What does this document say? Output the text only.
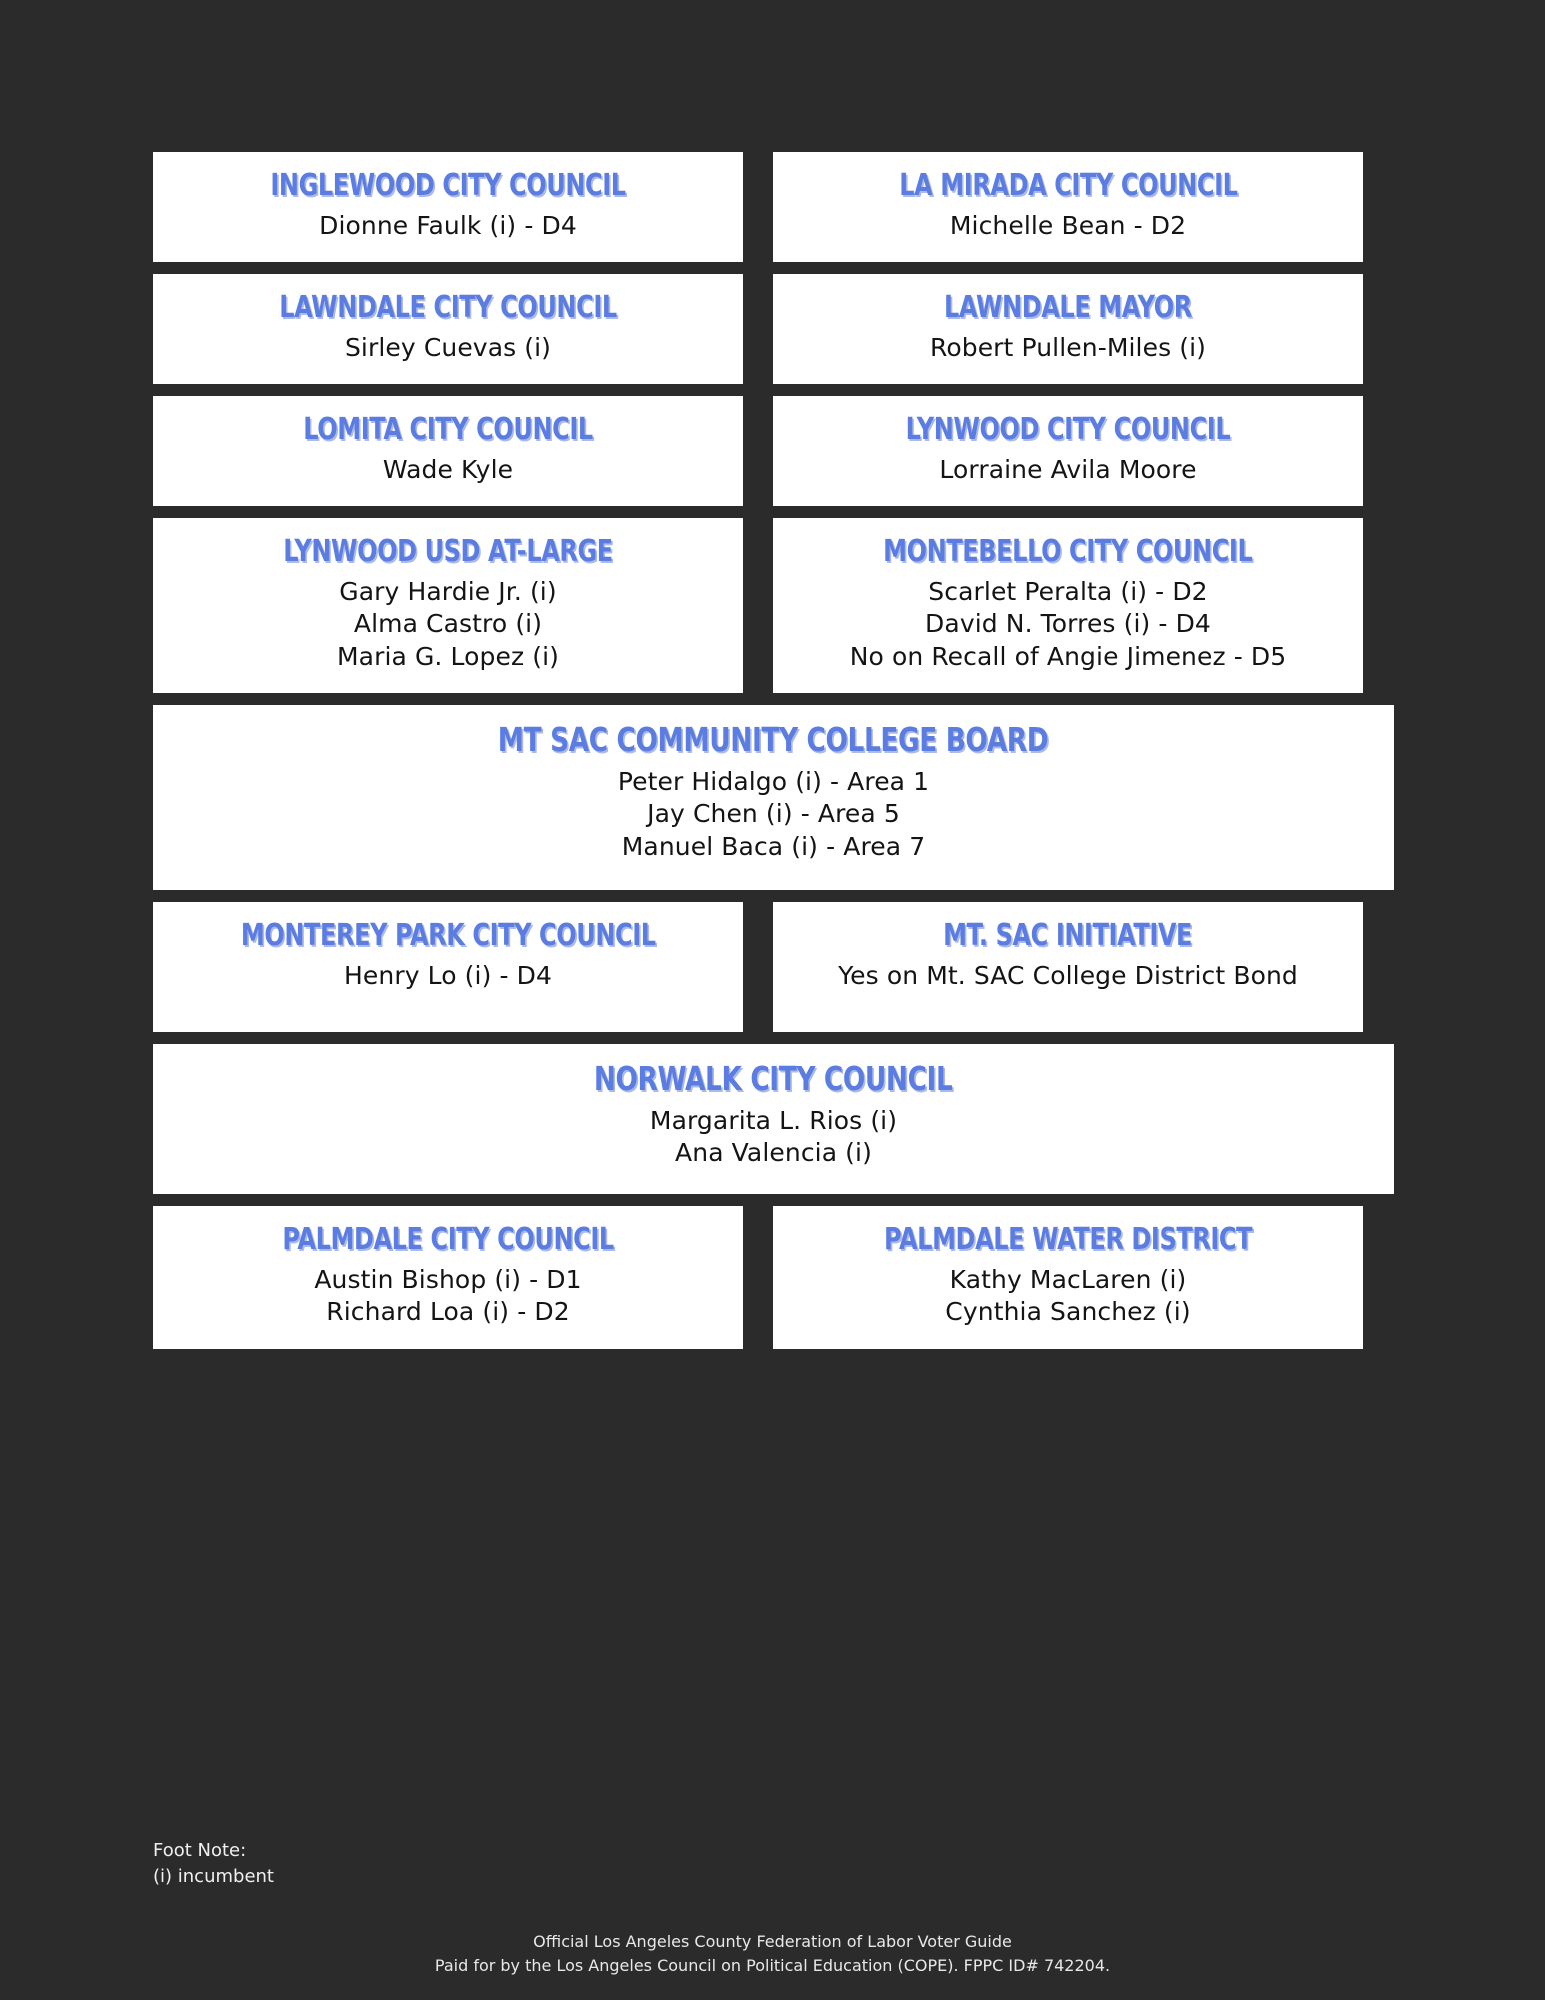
INGLEWOOD CITY COUNCIL
Dionne Faulk (i) - D4
LA MIRADA CITY COUNCIL
Michelle Bean - D2
LAWNDALE CITY COUNCIL
Sirley Cuevas (i)
LAWNDALE MAYOR
Robert Pullen-Miles (i)
LOMITA CITY COUNCIL
Wade Kyle
LYNWOOD CITY COUNCIL
Lorraine Avila Moore
LYNWOOD USD AT-LARGE
Gary Hardie Jr. (i)
Alma Castro (i)
Maria G. Lopez (i)
MONTEBELLO CITY COUNCIL
Scarlet Peralta (i) - D2
David N. Torres (i) - D4
No on Recall of Angie Jimenez - D5
MT SAC COMMUNITY COLLEGE BOARD
Peter Hidalgo (i) - Area 1
Jay Chen (i) - Area 5
Manuel Baca (i) - Area 7
MONTEREY PARK CITY COUNCIL
Henry Lo (i) - D4
MT. SAC INITIATIVE
Yes on Mt. SAC College District Bond
NORWALK CITY COUNCIL
Margarita L. Rios (i)
Ana Valencia (i)
PALMDALE CITY COUNCIL
Austin Bishop (i) - D1
Richard Loa (i) - D2
PALMDALE WATER DISTRICT
Kathy MacLaren (i)
Cynthia Sanchez (i)
Foot Note:
(i) incumbent
Official Los Angeles County Federation of Labor Voter Guide
Paid for by the Los Angeles Council on Political Education (COPE). FPPC ID# 742204.
